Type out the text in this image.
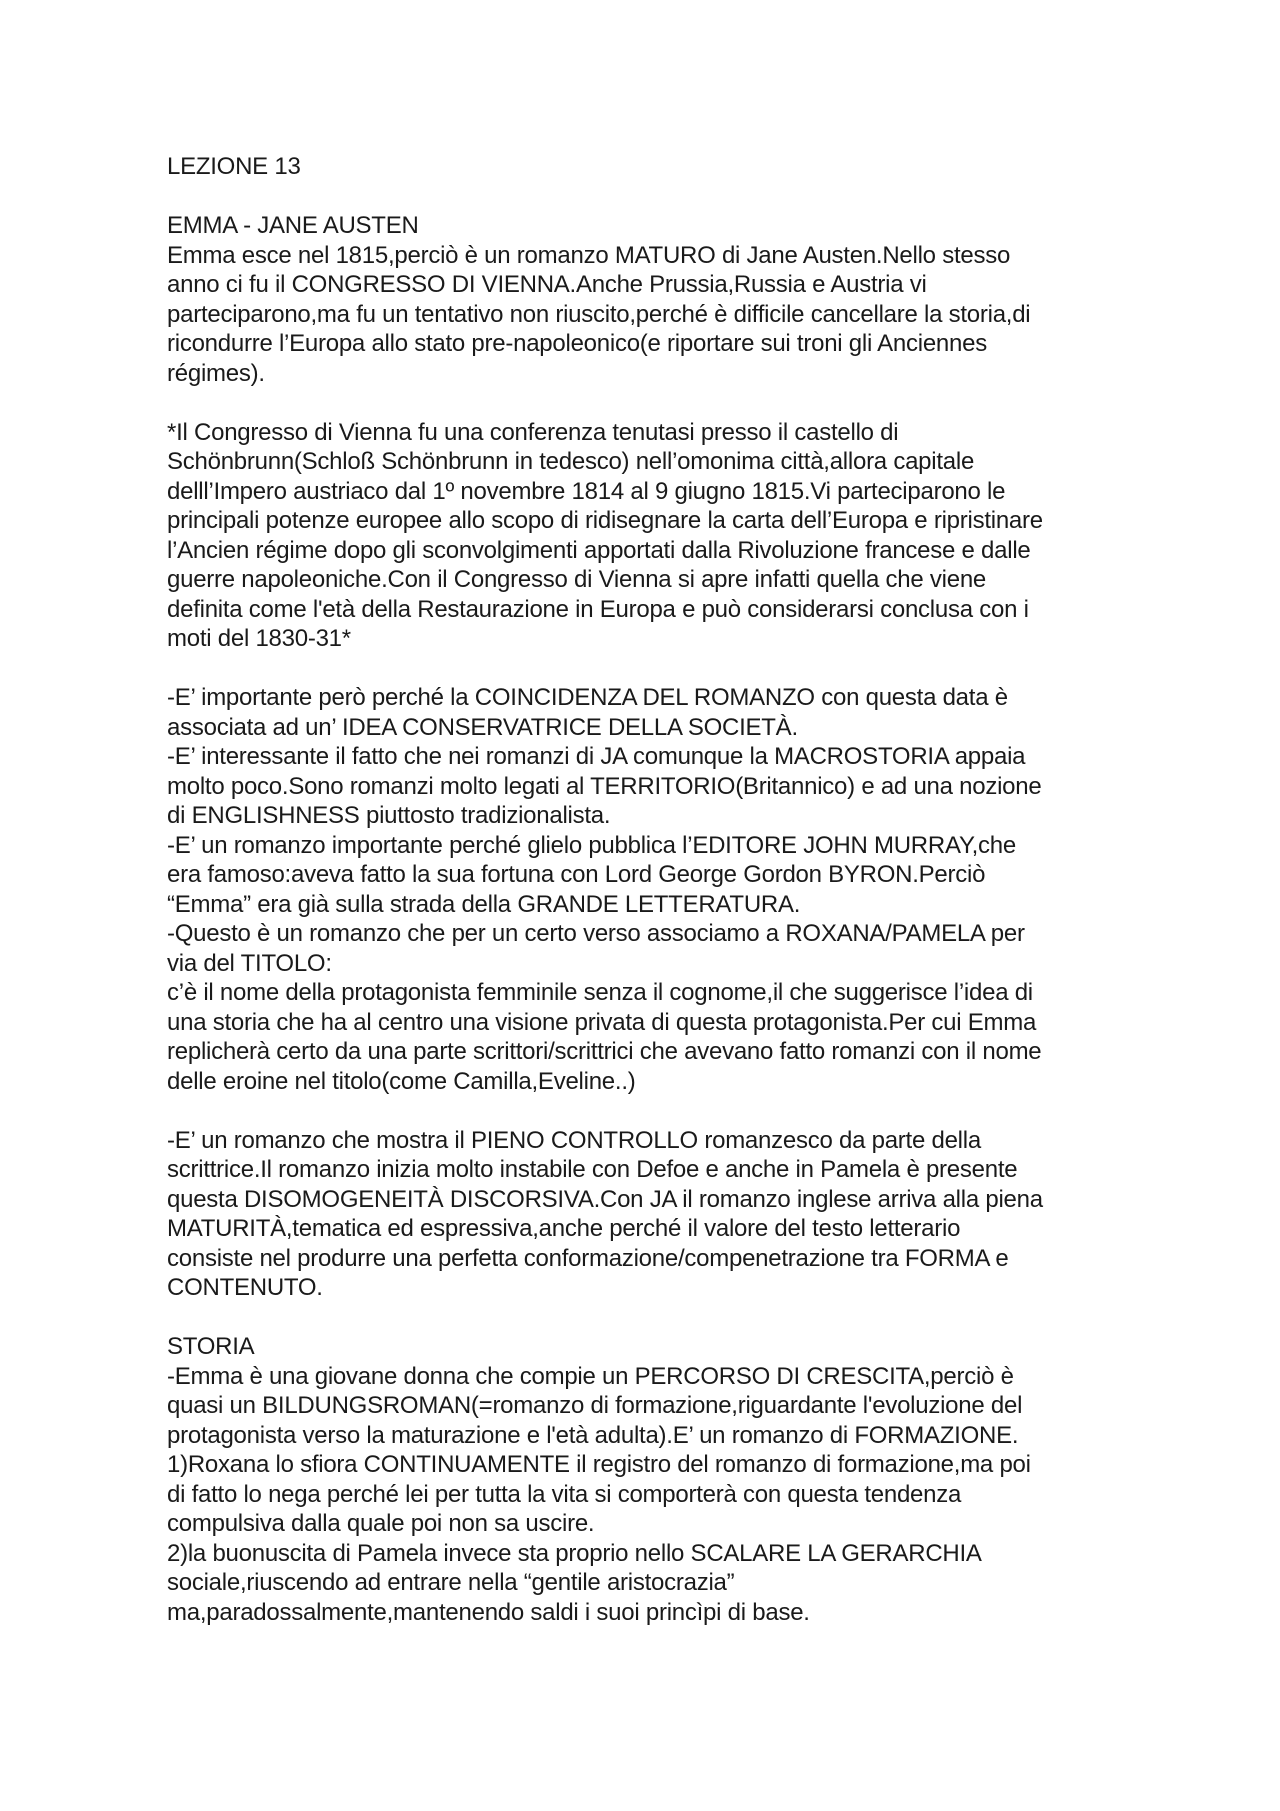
LEZIONE 13
EMMA - JANE AUSTEN
Emma esce nel 1815,perciò è un romanzo MATURO di Jane Austen.Nello stesso
anno ci fu il CONGRESSO DI VIENNA.Anche Prussia,Russia e Austria vi
parteciparono,ma fu un tentativo non riuscito,perché è difficile cancellare la storia,di
ricondurre l’Europa allo stato pre-napoleonico(e riportare sui troni gli Anciennes
régimes).
*Il Congresso di Vienna fu una conferenza tenutasi presso il castello di
Schönbrunn(Schloß Schönbrunn in tedesco) nell’omonima città,allora capitale
delll’Impero austriaco dal 1º novembre 1814 al 9 giugno 1815.Vi parteciparono le
principali potenze europee allo scopo di ridisegnare la carta dell’Europa e ripristinare
l’Ancien régime dopo gli sconvolgimenti apportati dalla Rivoluzione francese e dalle
guerre napoleoniche.Con il Congresso di Vienna si apre infatti quella che viene
definita come l'età della Restaurazione in Europa e può considerarsi conclusa con i
moti del 1830-31*
-E’ importante però perché la COINCIDENZA DEL ROMANZO con questa data è
associata ad un’ IDEA CONSERVATRICE DELLA SOCIETÀ.
-E’ interessante il fatto che nei romanzi di JA comunque la MACROSTORIA appaia
molto poco.Sono romanzi molto legati al TERRITORIO(Britannico) e ad una nozione
di ENGLISHNESS piuttosto tradizionalista.
-E’ un romanzo importante perché glielo pubblica l’EDITORE JOHN MURRAY,che
era famoso:aveva fatto la sua fortuna con Lord George Gordon BYRON.Perciò
“Emma” era già sulla strada della GRANDE LETTERATURA.
-Questo è un romanzo che per un certo verso associamo a ROXANA/PAMELA per
via del TITOLO:
c’è il nome della protagonista femminile senza il cognome,il che suggerisce l’idea di
una storia che ha al centro una visione privata di questa protagonista.Per cui Emma
replicherà certo da una parte scrittori/scrittrici che avevano fatto romanzi con il nome
delle eroine nel titolo(come Camilla,Eveline..)
-E’ un romanzo che mostra il PIENO CONTROLLO romanzesco da parte della
scrittrice.Il romanzo inizia molto instabile con Defoe e anche in Pamela è presente
questa DISOMOGENEITÀ DISCORSIVA.Con JA il romanzo inglese arriva alla piena
MATURITÀ,tematica ed espressiva,anche perché il valore del testo letterario
consiste nel produrre una perfetta conformazione/compenetrazione tra FORMA e
CONTENUTO.
STORIA
-Emma è una giovane donna che compie un PERCORSO DI CRESCITA,perciò è
quasi un BILDUNGSROMAN(=romanzo di formazione,riguardante l'evoluzione del
protagonista verso la maturazione e l'età adulta).E’ un romanzo di FORMAZIONE.
1)Roxana lo sfiora CONTINUAMENTE il registro del romanzo di formazione,ma poi
di fatto lo nega perché lei per tutta la vita si comporterà con questa tendenza
compulsiva dalla quale poi non sa uscire.
2)la buonuscita di Pamela invece sta proprio nello SCALARE LA GERARCHIA
sociale,riuscendo ad entrare nella “gentile aristocrazia”
ma,paradossalmente,mantenendo saldi i suoi princìpi di base.
